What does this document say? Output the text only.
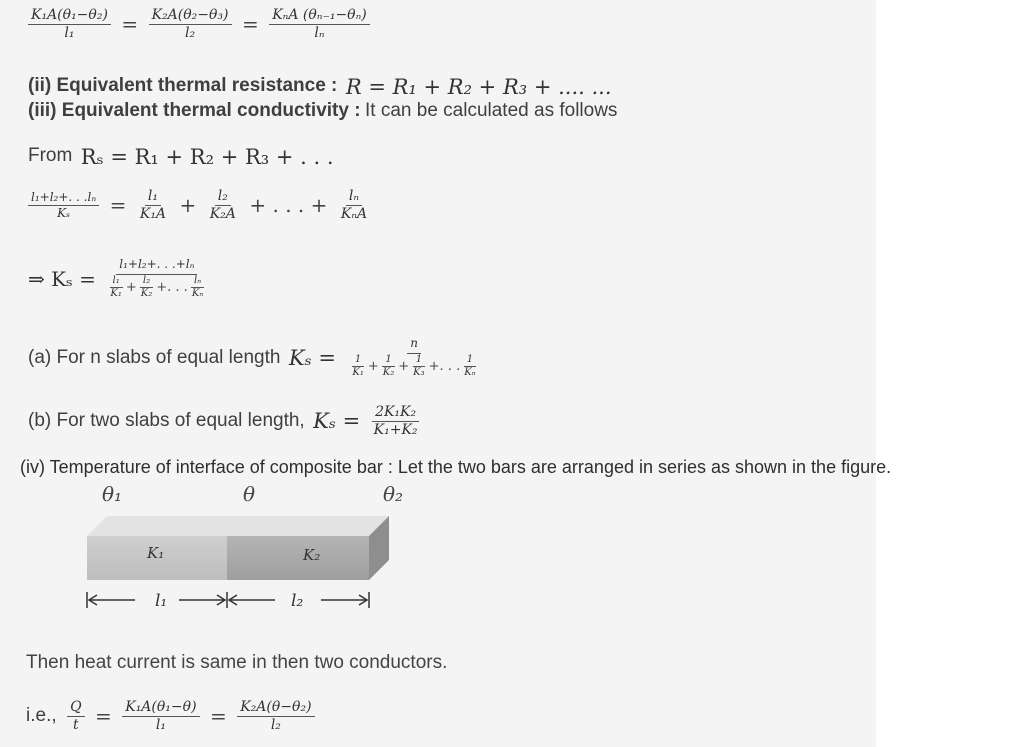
$\frac{\text{K₁A(θ₁−θ₂)}}{\text{l₁}} = \frac{\text{K₂A(θ₂−θ₃)}}{\text{l₂}} = \frac{\text{KₙA (θₙ₋₁−θₙ)}}{\text{lₙ}}$
(ii) Equivalent thermal resistance : R = R₁ + R₂ + R₃ + .... ...
(iii) Equivalent thermal conductivity : It can be calculated as follows
From Rₛ = R₁ + R₂ + R₃ + . . .
$\frac{\text{l₁+l₂+. . .lₙ}}{\text{Kₛ}} = \frac{\text{l₁}}{\text{K₁A}} + \frac{\text{l₂}}{\text{K₂A}}$ + . . . + $\frac{\text{lₙ}}{\text{KₙA}}$
⇒ $K_s = \frac{\text{l₁+l₂+. . .+lₙ}}{\frac{\text{l₁}}{\text{K₁}} + \frac{\text{l₂}}{\text{K₂}} +. . . \frac{\text{lₙ}}{\text{Kₙ}}}$
(a) For n slabs of equal length $K_s = \frac{n}{\frac{1}{\text{K₁}} + \frac{1}{\text{K₂}} + \frac{1}{\text{K₃}} +. . . \frac{1}{\text{Kₙ}}}$
(b) For two slabs of equal length, $K_s = \frac{\text{2K₁K₂}}{\text{K₁+K₂}}$
(iv) Temperature of interface of composite bar : Let the two bars are arranged in series as shown in the figure.
θ₁	θ	θ₂
K₁	K₂
l₁	l₂
Then heat current is same in then two conductors.
i.e., $\frac{Q}{t} = \frac{\text{K₁A(θ₁−θ)}}{\text{l₁}} = \frac{\text{K₂A(θ−θ₂)}}{\text{l₂}}$
